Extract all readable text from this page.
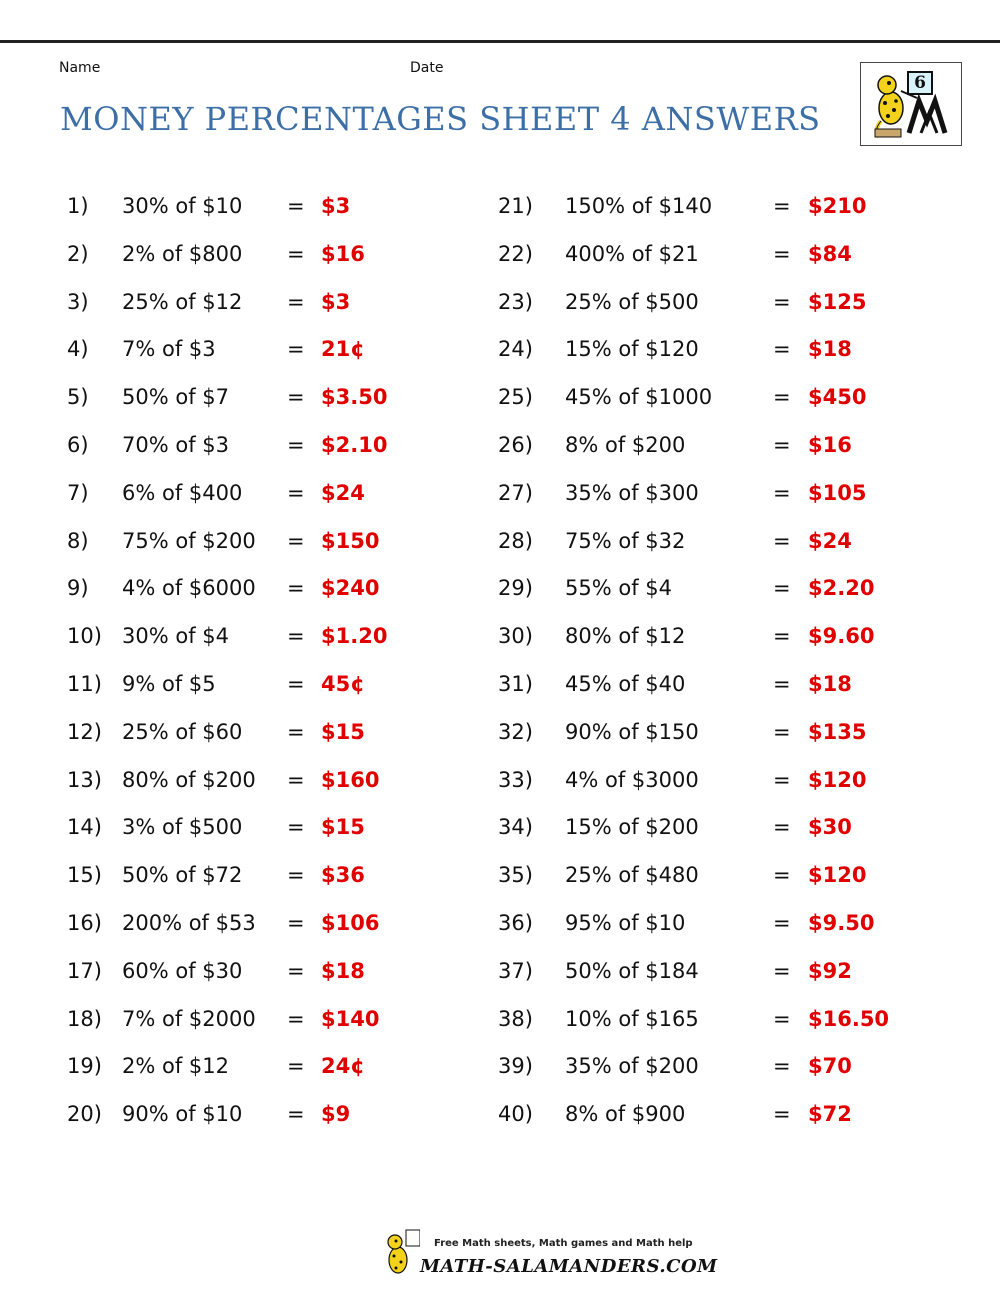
Name	Date
MONEY PERCENTAGES SHEET 4 ANSWERS
6
1) 30% of $10 = $3
2) 2% of $800 = $16
3) 25% of $12 = $3
4) 7% of $3	= 21¢
5) 50% of $7	= $3.50
6) 70% of $3	= $2.10
7) 6% of $400 = $24
8) 75% of $200 = $150
9) 4% of $6000 = $240
10) 30% of $4	= $1.20
11) 9% of $5	= 45¢
12) 25% of $60 = $15
13) 80% of $200 = $160
14) 3% of $500 = $15
15) 50% of $72 = $36
16) 200% of $53 = $106
17) 60% of $30 = $18
18) 7% of $2000 = $140
19) 2% of $12	= 24¢
20) 90% of $10 = $9
21) 150% of $140	= $210
22) 400% of $21	= $84
23) 25% of $500	= $125
24) 15% of $120	= $18
25) 45% of $1000	= $450
26) 8% of $200	= $16
27) 35% of $300	= $105
28) 75% of $32	= $24
29) 55% of $4	= $2.20
30) 80% of $12	= $9.60
31) 45% of $40	= $18
32) 90% of $150	= $135
33) 4% of $3000	= $120
34) 15% of $200	= $30
35) 25% of $480	= $120
36) 95% of $10	= $9.50
37) 50% of $184	= $92
38) 10% of $165	= $16.50
39) 35% of $200	= $70
40) 8% of $900	= $72
Free Math sheets, Math games and Math help
MATH-SALAMANDERS.COM
